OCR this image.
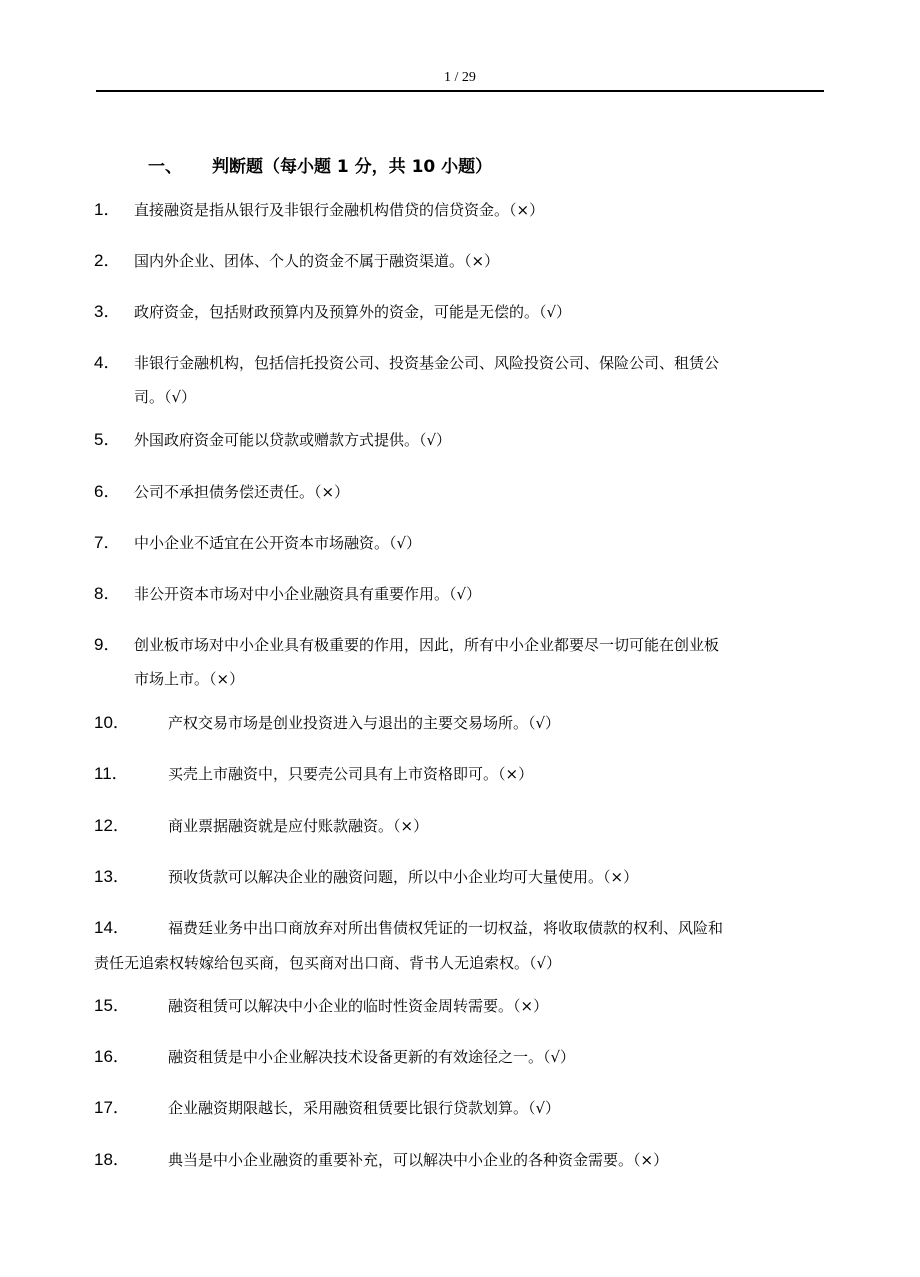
1 / 29
一、 判断题（每小题 1 分，共 10 小题）
1． 直接融资是指从银行及非银行金融机构借贷的信贷资金。（×）
2． 国内外企业、团体、个人的资金不属于融资渠道。（×）
3． 政府资金，包括财政预算内及预算外的资金，可能是无偿的。（√）
4． 非银行金融机构，包括信托投资公司、投资基金公司、风险投资公司、保险公司、租赁公
司。（√）
5． 外国政府资金可能以贷款或赠款方式提供。（√）
6． 公司不承担债务偿还责任。（×）
7． 中小企业不适宜在公开资本市场融资。（√）
8． 非公开资本市场对中小企业融资具有重要作用。（√）
9． 创业板市场对中小企业具有极重要的作用，因此，所有中小企业都要尽一切可能在创业板
市场上市。（×）
10．	产权交易市场是创业投资进入与退出的主要交易场所。（√）
11．	买壳上市融资中，只要壳公司具有上市资格即可。（×）
12．	商业票据融资就是应付账款融资。（×）
13．	预收货款可以解决企业的融资问题，所以中小企业均可大量使用。（×）
14．	福费廷业务中出口商放弃对所出售债权凭证的一切权益，将收取债款的权利、风险和
责任无追索权转嫁给包买商，包买商对出口商、背书人无追索权。（√）
15．	融资租赁可以解决中小企业的临时性资金周转需要。（×）
16．	融资租赁是中小企业解决技术设备更新的有效途径之一。（√）
17．	企业融资期限越长，采用融资租赁要比银行贷款划算。（√）
18．	典当是中小企业融资的重要补充，可以解决中小企业的各种资金需要。（×）
